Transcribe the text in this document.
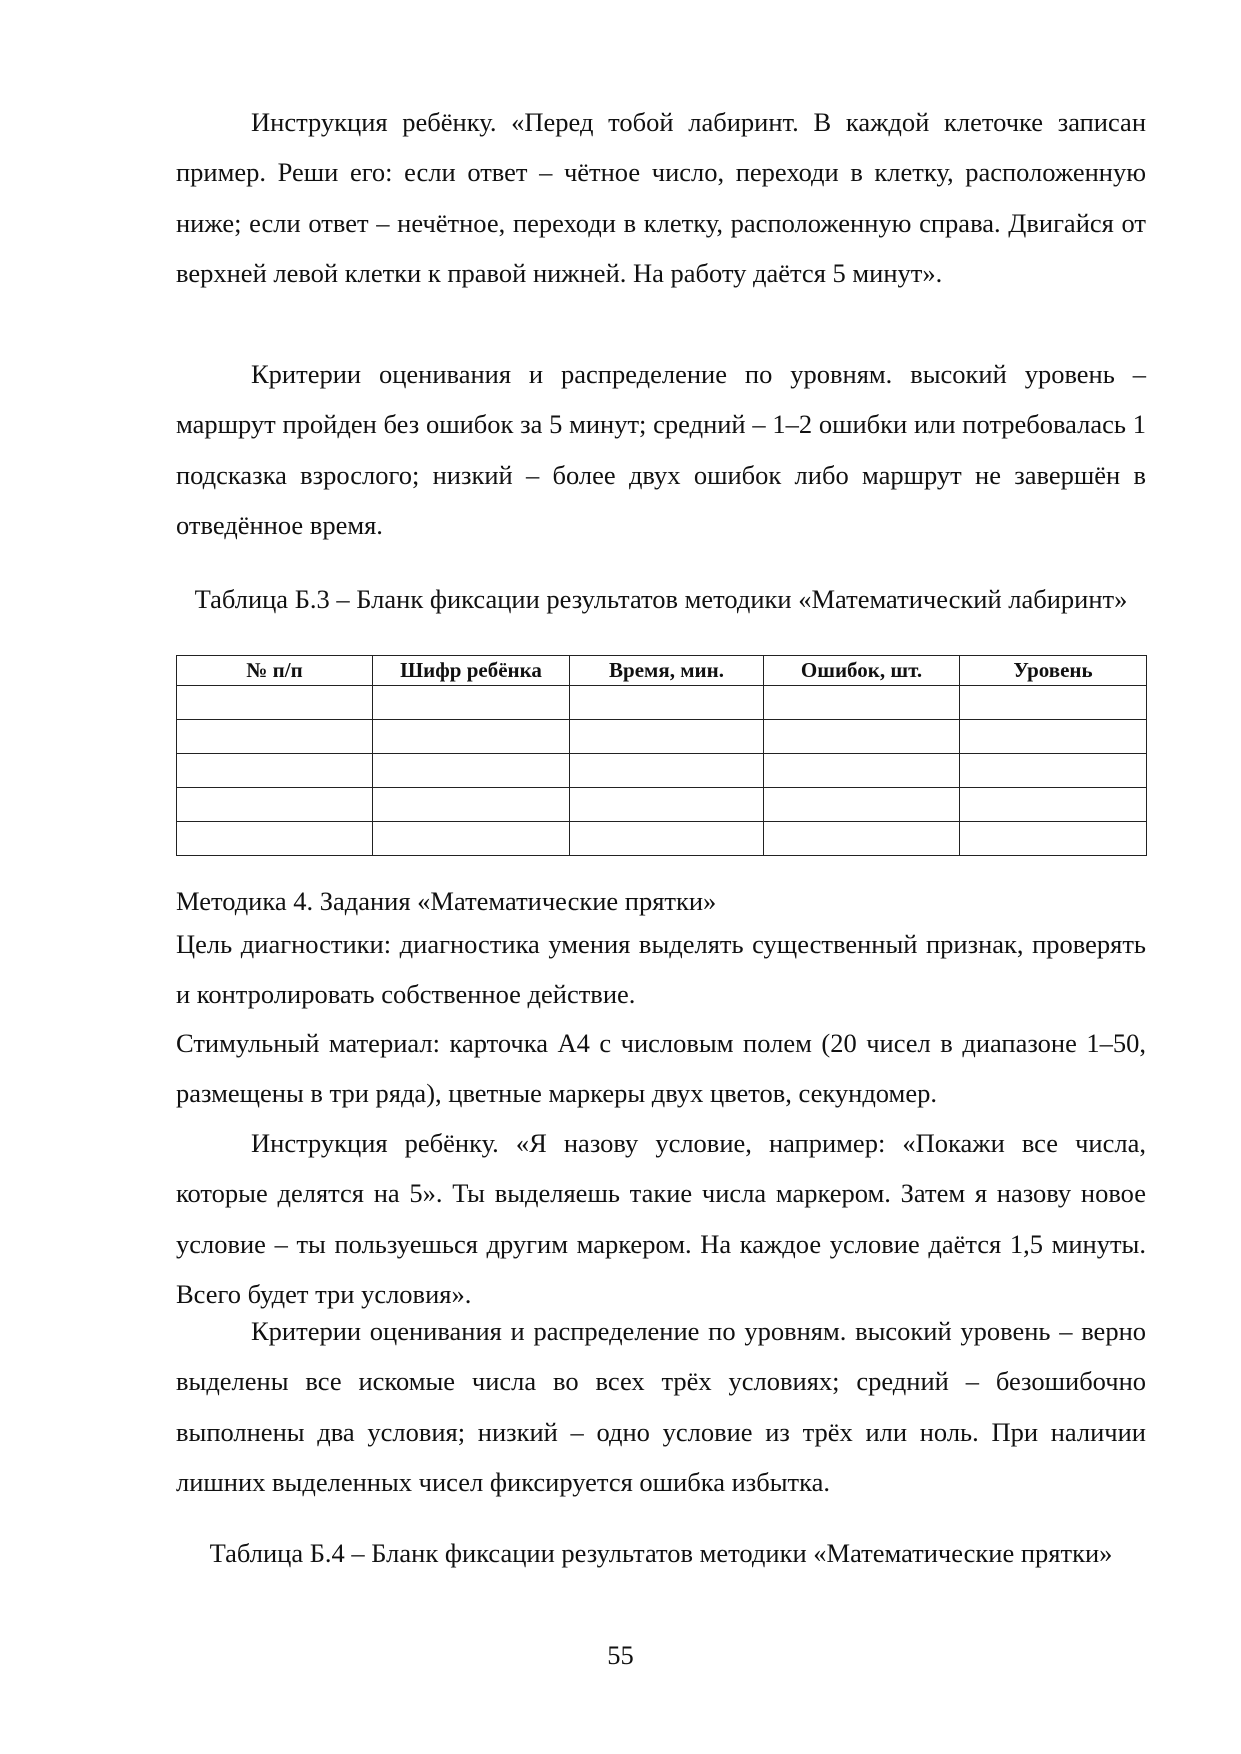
Инструкция ребёнку. «Перед тобой лабиринт. В каждой клеточке записан пример. Реши его: если ответ – чётное число, переходи в клетку, расположенную ниже; если ответ – нечётное, переходи в клетку, расположенную справа. Двигайся от верхней левой клетки к правой нижней. На работу даётся 5 минут».

Критерии оценивания и распределение по уровням. высокий уровень – маршрут пройден без ошибок за 5 минут; средний – 1–2 ошибки или потребовалась 1 подсказка взрослого; низкий – более двух ошибок либо маршрут не завершён в отведённое время.

Таблица Б.3 – Бланк фиксации результатов методики «Математический лабиринт»
№ п/п	Шифр ребёнка	Время, мин.	Ошибок, шт.	Уровень

Методика 4. Задания «Математические прятки»

Цель диагностики: диагностика умения выделять существенный признак, проверять и контролировать собственное действие.

Стимульный материал: карточка А4 с числовым полем (20 чисел в диапазоне 1–50, размещены в три ряда), цветные маркеры двух цветов, секундомер.

Инструкция ребёнку. «Я назову условие, например: «Покажи все числа, которые делятся на 5». Ты выделяешь такие числа маркером. Затем я назову новое условие – ты пользуешься другим маркером. На каждое условие даётся 1,5 минуты. Всего будет три условия».

Критерии оценивания и распределение по уровням. высокий уровень – верно выделены все искомые числа во всех трёх условиях; средний – безошибочно выполнены два условия; низкий – одно условие из трёх или ноль. При наличии лишних выделенных чисел фиксируется ошибка избытка.

Таблица Б.4 – Бланк фиксации результатов методики «Математические прятки»
55
